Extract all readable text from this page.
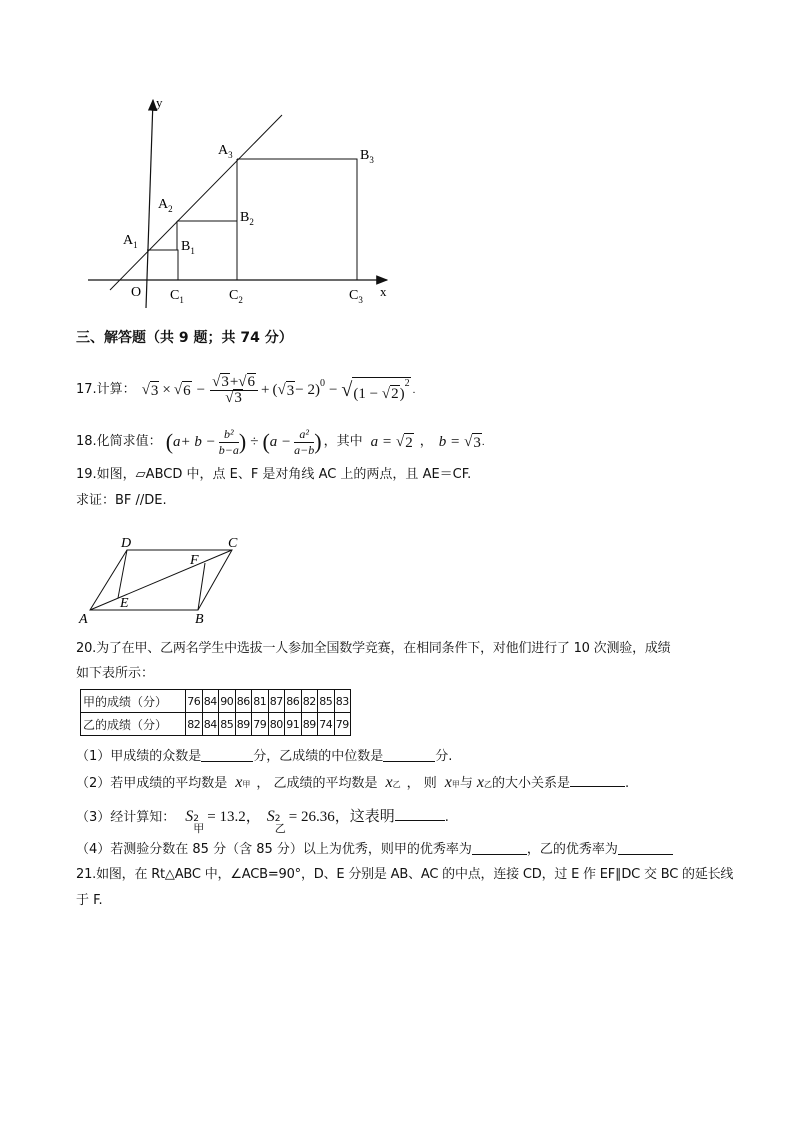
y
x
O
$A_1$
$A_2$
$A_3$
$B_1$
$B_2$
$B_3$
$C_1$	$C_2$	$C_3$
三、解答题（共 9 题；共 74 分）
17.计算： √ 3 × √ $6 - \frac{√3+√6}{√3}$ + ( √ 3 − 2)$^0$ − √ $(1 - √2)^2$
.
18.化简求值： ( $a+ b - \frac{\text{b²}}{b-a}$ ) ÷ ( $a - \frac{\text{a²}}{a-b}$ ) ，其中 a = √ 2 ， b = √ 3 .
19.如图，▱ABCD 中，点 E、F 是对角线 AC 上的两点，且 AE＝CF.
求证：BF //DE.
A	B
C
D
E
F
20.为了在甲、乙两名学生中选拔一人参加全国数学竞赛，在相同条件下，对他们进行了 10 次测验，成绩
如下表所示：
甲的成绩（分）	76	84	90	86	81	87	86	82	85	83
乙的成绩（分）	82	84	85	89	79	80	91	89	74	79
（1）甲成绩的众数是	分，乙成绩的中位数是	分.
（2）若甲成绩的平均数是 x 甲 ， 乙成绩的平均数是 x 乙 ， 则 x 甲 与 x 乙 的大小关系是	.
（3）经计算知： S 2
甲
= 13.2， S 2
乙
= 26.36，这表明	.
（4）若测验分数在 85 分（含 85 分）以上为优秀，则甲的优秀率为	，乙的优秀率为
21.如图，在 Rt△ABC 中，∠ACB=90°，D、E 分别是 AB、AC 的中点，连接 CD，过 E 作 EF∥DC 交 BC 的延长线
于 F.
